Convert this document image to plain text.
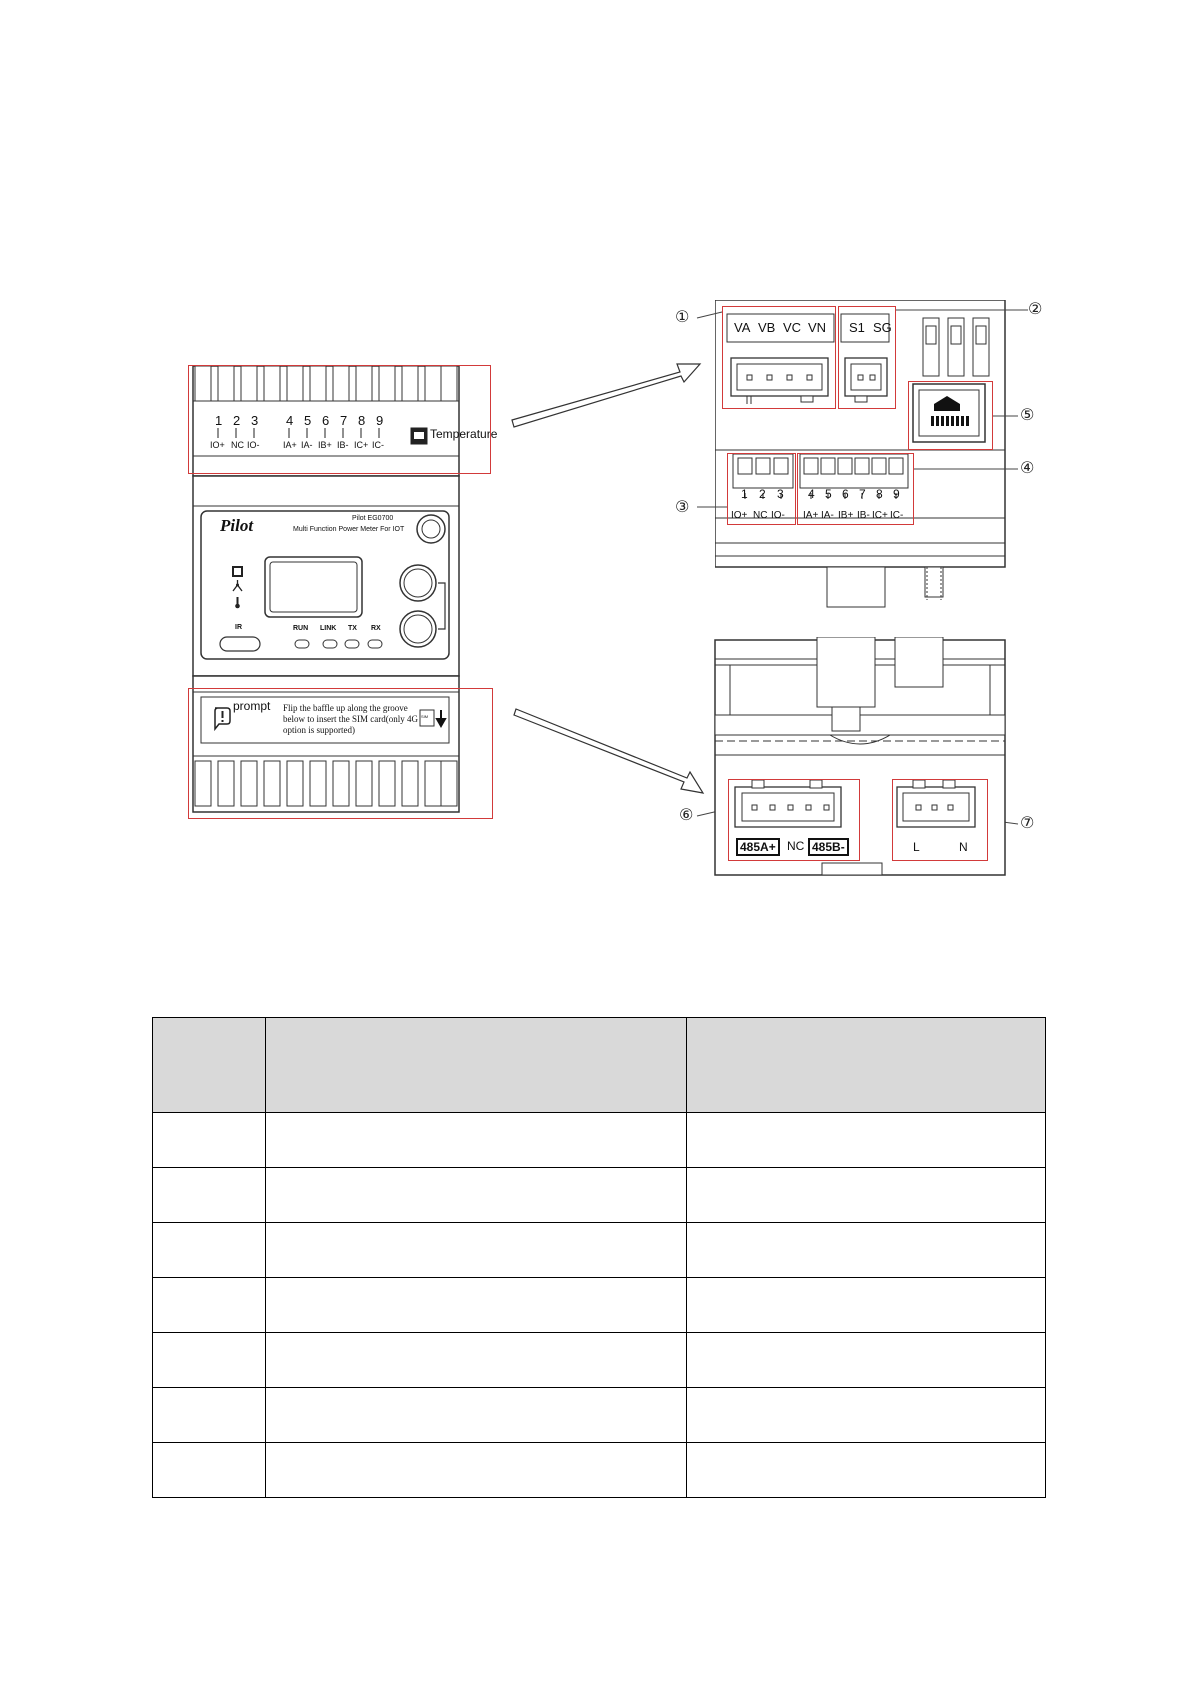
1 2 3 4 5 6 7 8 9
IO+ NC IO-	IA+ IA- IB+ IB- IC+ IC-
Temperature
Pilot	Pilot EG0700
Multi Function Power Meter For IOT
IR	RUN LINK TX RX
prompt Flip the baffle up along the groove
below to insert the SIM card(only 4G
option is supported)
SIM
VA VB VC VN S1 SG
1 2 3
IO+ NC IO-
4 5 6 7 8 9
IA+ IA- IB+ IB- IC+ IC-
①	②
⑤
④
③
⑥	⑦
485A+ NC 485B-	L	N
